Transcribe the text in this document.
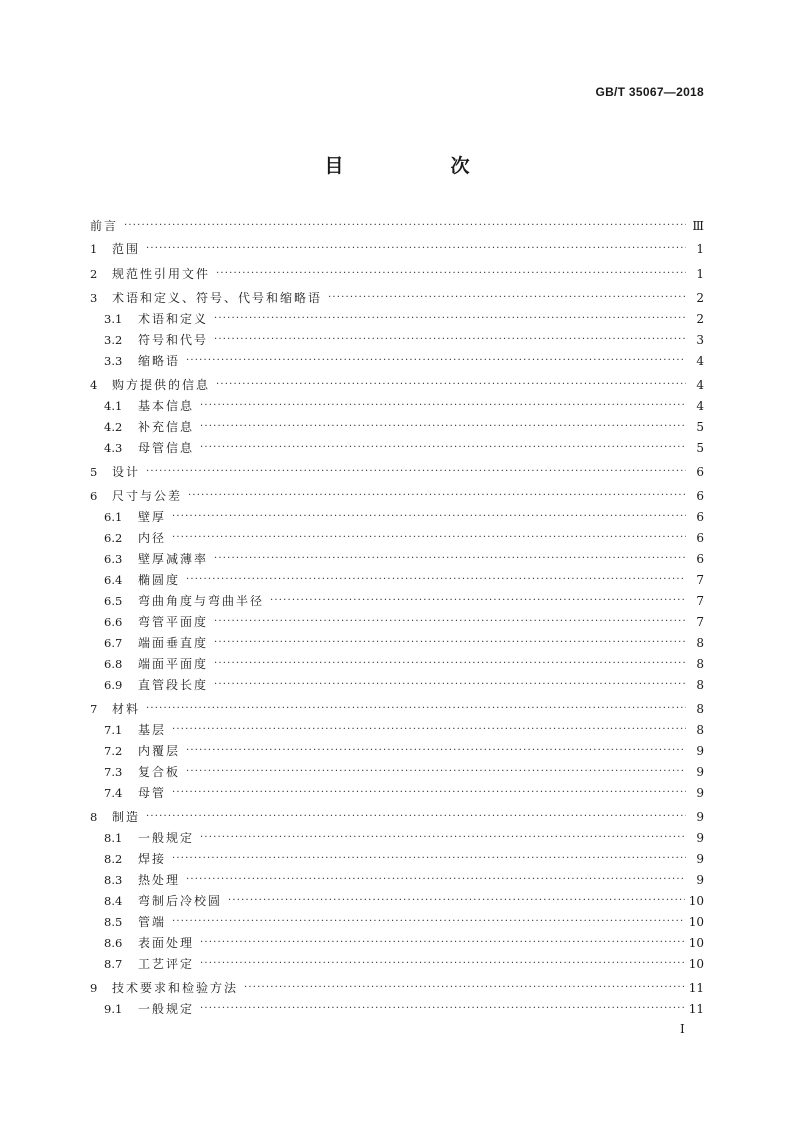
GB/T 35067—2018
目　次
前言 ·····	Ⅲ
1	范围 ·····	1
2	规范性引用文件 ·····	1
3	术语和定义、符号、代号和缩略语 ·····	2
3.1	术语和定义 ·····	2
3.2	符号和代号 ·····	3
3.3	缩略语 ·····	4
4	购方提供的信息 ·····	4
4.1	基本信息 ·····	4
4.2	补充信息 ·····	5
4.3	母管信息 ·····	5
5	设计 ·····	6
6	尺寸与公差 ·····	6
6.1	壁厚 ·····	6
6.2	内径 ·····	6
6.3	壁厚减薄率 ·····	6
6.4	椭圆度 ·····	7
6.5	弯曲角度与弯曲半径 ·····	7
6.6	弯管平面度 ·····	7
6.7	端面垂直度 ·····	8
6.8	端面平面度 ·····	8
6.9	直管段长度 ·····	8
7	材料 ·····	8
7.1	基层 ·····	8
7.2	内覆层 ·····	9
7.3	复合板 ·····	9
7.4	母管 ·····	9
8	制造 ·····	9
8.1	一般规定 ·····	9
8.2	焊接 ·····	9
8.3	热处理 ·····	9
8.4	弯制后冷校圆 ·····	10
8.5	管端 ·····	10
8.6	表面处理 ·····	10
8.7	工艺评定 ·····	10
9	技术要求和检验方法 ·····	11
9.1	一般规定 ·····	11
I
